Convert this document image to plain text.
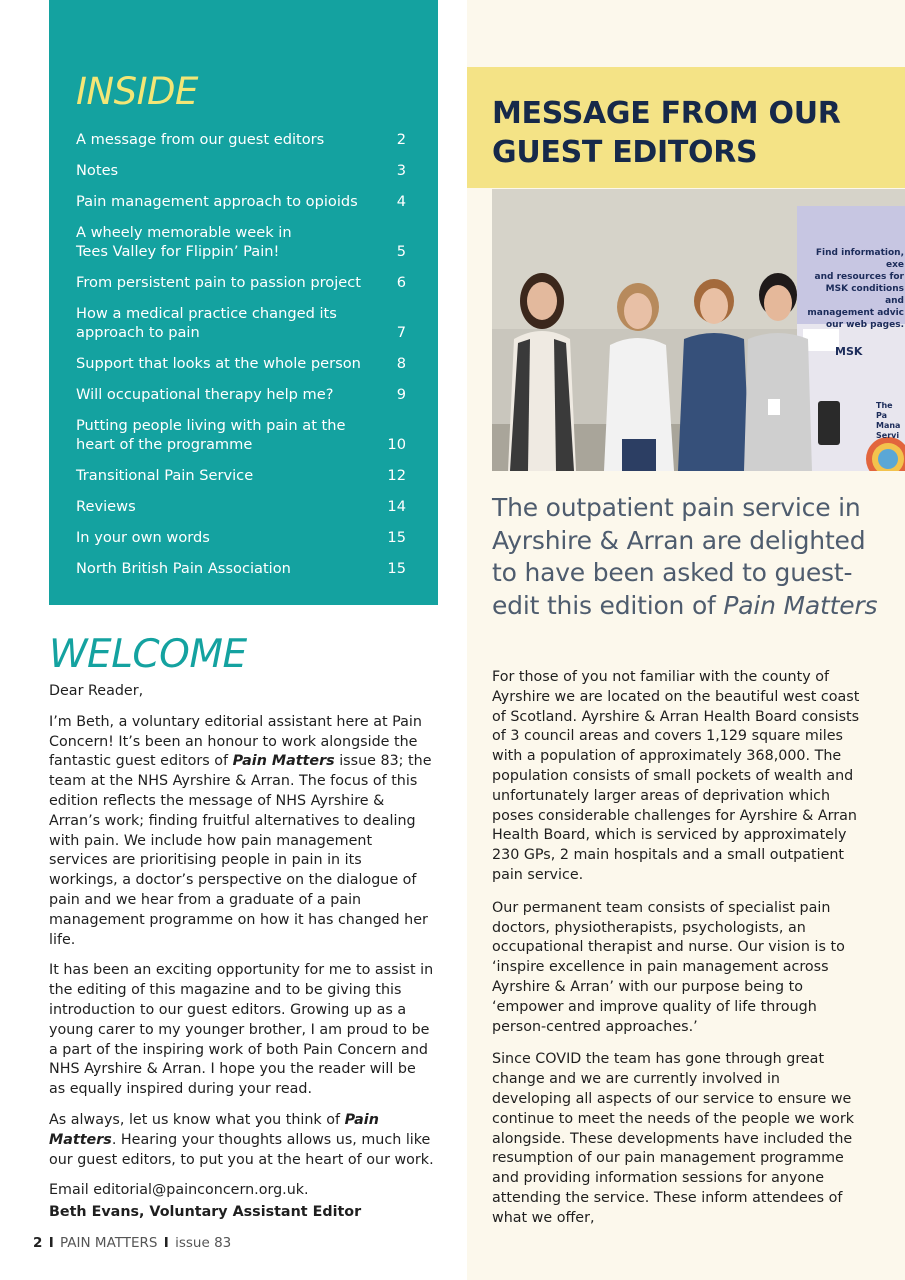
INSIDE
A message from our guest editors	2
Notes	3
Pain management approach to opioids	4
A wheely memorable week in
Tees Valley for Flippin’ Pain!	5
From persistent pain to passion project	6
How a medical practice changed its
approach to pain	7
Support that looks at the whole person	8
Will occupational therapy help me?	9
Putting people living with pain at the
heart of the programme	10
Transitional Pain Service	12
Reviews	14
In your own words	15
North British Pain Association	15
WELCOME

Dear Reader,

I’m Beth, a voluntary editorial assistant here at Pain Concern! It’s been an honour to work alongside the fantastic guest editors of Pain Matters issue 83; the team at the NHS Ayrshire & Arran. The focus of this edition reflects the message of NHS Ayrshire & Arran’s work; finding fruitful alternatives to dealing with pain. We include how pain management services are prioritising people in pain in its workings, a doctor’s perspective on the dialogue of pain and we hear from a graduate of a pain management programme on how it has changed her life.

It has been an exciting opportunity for me to assist in the editing of this magazine and to be giving this introduction to our guest editors. Growing up as a young carer to my younger brother, I am proud to be a part of the inspiring work of both Pain Concern and NHS Ayrshire & Arran. I hope you the reader will be as equally inspired during your read.

As always, let us know what you think of Pain Matters. Hearing your thoughts allows us, much like our guest editors, to put you at the heart of our work.

Email editorial@painconcern.org.uk.

Beth Evans, Voluntary Assistant Editor

2 I PAIN MATTERS I issue 83
MESSAGE FROM OUR GUEST EDITORS
Find information, exe
and resources for
MSK conditions and
management advic
our web pages.
MSK
The Pa
Mana
Servi
The outpatient pain service in Ayrshire & Arran are delighted to have been asked to guest-edit this edition of Pain Matters

For those of you not familiar with the county of Ayrshire we are located on the beautiful west coast of Scotland. Ayrshire & Arran Health Board consists of 3 council areas and covers 1,129 square miles with a population of approximately 368,000. The population consists of small pockets of wealth and unfortunately larger areas of deprivation which poses considerable challenges for Ayrshire & Arran Health Board, which is serviced by approximately 230 GPs, 2 main hospitals and a small outpatient pain service.

Our permanent team consists of specialist pain doctors, physiotherapists, psychologists, an occupational therapist and nurse. Our vision is to ‘inspire excellence in pain management across Ayrshire & Arran’ with our purpose being to ‘empower and improve quality of life through person-centred approaches.’

Since COVID the team has gone through great change and we are currently involved in developing all aspects of our service to ensure we continue to meet the needs of the people we work alongside. These developments have included the resumption of our pain management programme and providing information sessions for anyone attending the service. These inform attendees of what we offer,
